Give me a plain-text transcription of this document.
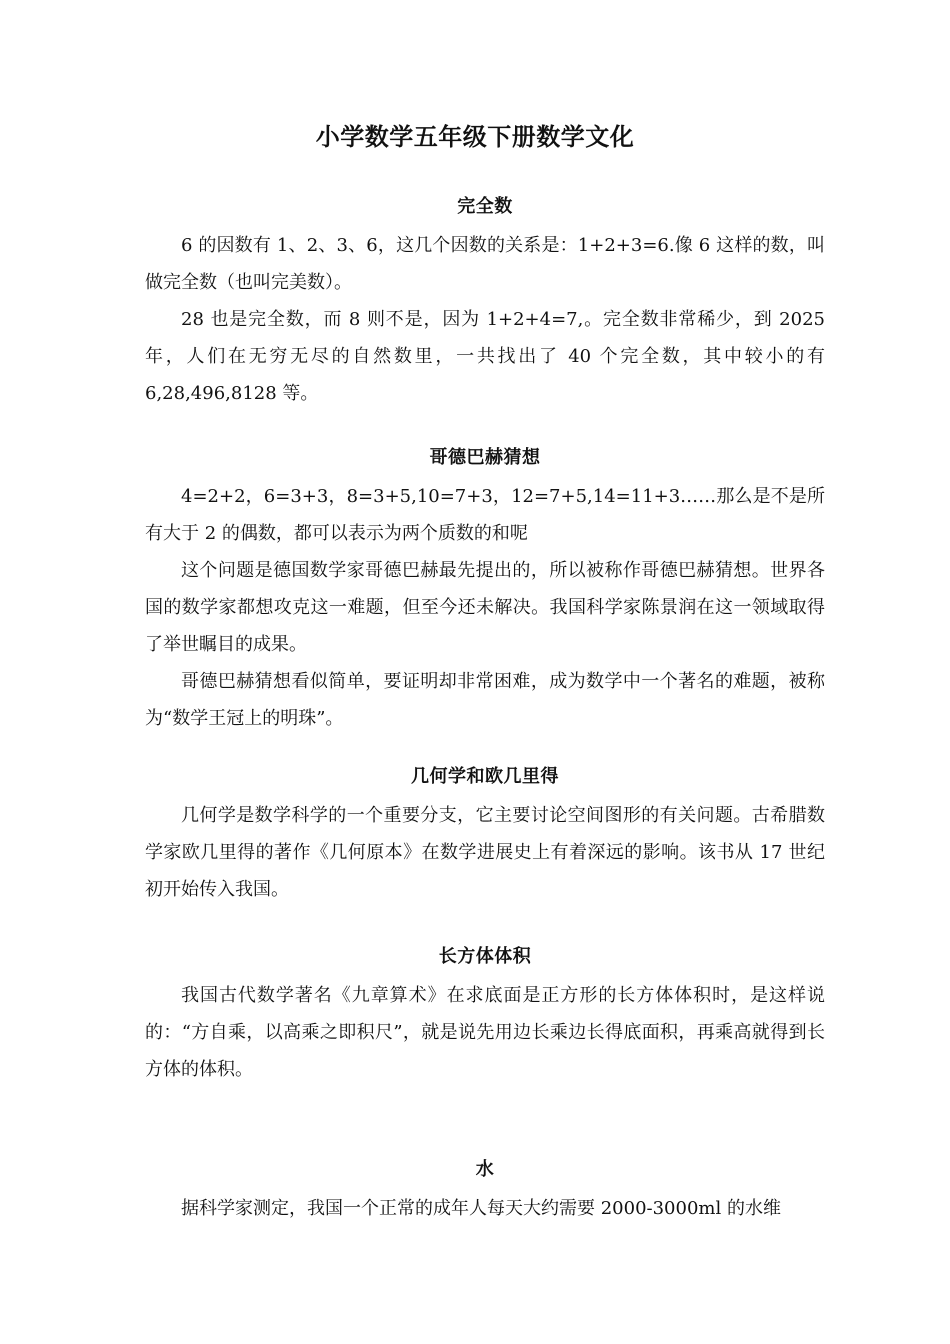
小学数学五年级下册数学文化
完全数

6 的因数有 1、2、3、6，这几个因数的关系是：1+2+3=6.像 6 这样的数，叫做完全数（也叫完美数）。

28 也是完全数，而 8 则不是，因为 1+2+4=7,。完全数非常稀少，到 2025 年，人们在无穷无尽的自然数里，一共找出了 40 个完全数，其中较小的有 6,28,496,8128 等。

哥德巴赫猜想

4=2+2，6=3+3，8=3+5,10=7+3，12=7+5,14=11+3……那么是不是所有大于 2 的偶数，都可以表示为两个质数的和呢

这个问题是德国数学家哥德巴赫最先提出的，所以被称作哥德巴赫猜想。世界各国的数学家都想攻克这一难题，但至今还未解决。我国科学家陈景润在这一领域取得了举世瞩目的成果。

哥德巴赫猜想看似简单，要证明却非常困难，成为数学中一个著名的难题，被称为“数学王冠上的明珠”。

几何学和欧几里得

几何学是数学科学的一个重要分支，它主要讨论空间图形的有关问题。古希腊数学家欧几里得的著作《几何原本》在数学进展史上有着深远的影响。该书从 17 世纪初开始传入我国。

长方体体积

我国古代数学著名《九章算术》在求底面是正方形的长方体体积时，是这样说的：“方自乘，以高乘之即积尺”，就是说先用边长乘边长得底面积，再乘高就得到长方体的体积。

水

据科学家测定，我国一个正常的成年人每天大约需要 2000-3000ml 的水维
